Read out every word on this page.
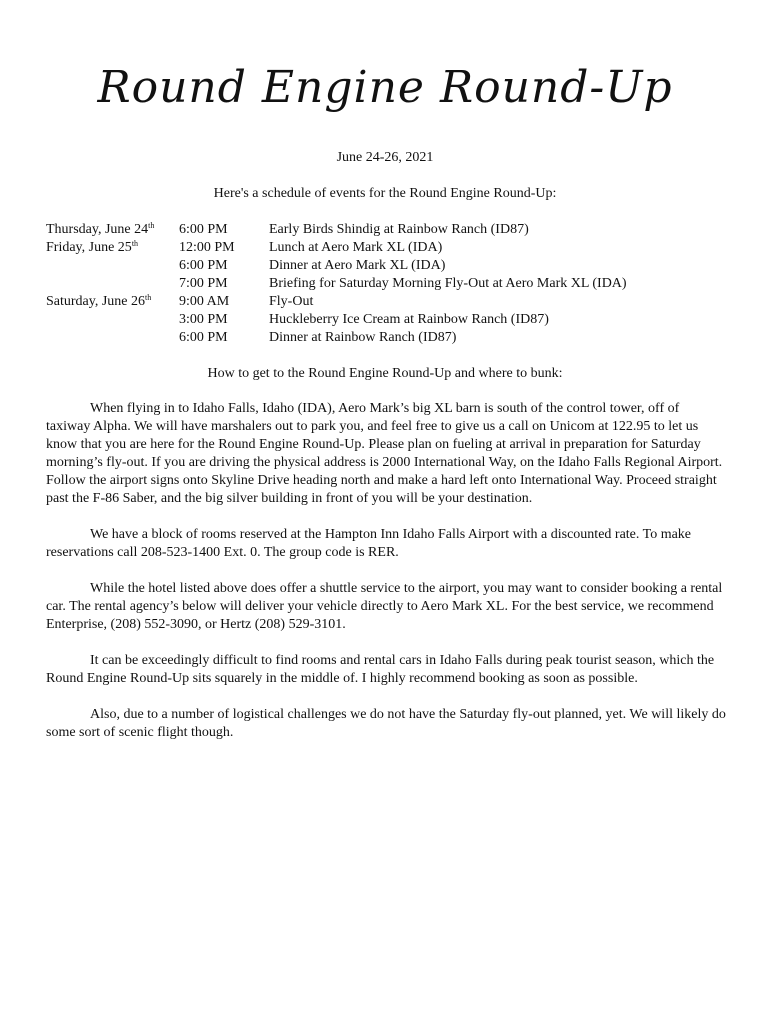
Round Engine Round-Up
June 24-26, 2021
Here's a schedule of events for the Round Engine Round-Up:
Thursday, June 24th 6:00 PM	Early Birds Shindig at Rainbow Ranch (ID87)
Friday, June 25th	12:00 PM Lunch at Aero Mark XL (IDA)
6:00 PM	Dinner at Aero Mark XL (IDA)
7:00 PM	Briefing for Saturday Morning Fly-Out at Aero Mark XL (IDA)
Saturday, June 26th 9:00 AM	Fly-Out
3:00 PM	Huckleberry Ice Cream at Rainbow Ranch (ID87)
6:00 PM	Dinner at Rainbow Ranch (ID87)
How to get to the Round Engine Round-Up and where to bunk:

When flying in to Idaho Falls, Idaho (IDA), Aero Mark’s big XL barn is south of the control tower, off of taxiway Alpha. We will have marshalers out to park you, and feel free to give us a call on Unicom at 122.95 to let us know that you are here for the Round Engine Round-Up. Please plan on fueling at arrival in preparation for Saturday morning’s fly-out. If you are driving the physical address is 2000 International Way, on the Idaho Falls Regional Airport. Follow the airport signs onto Skyline Drive heading north and make a hard left onto International Way. Proceed straight past the F-86 Saber, and the big silver building in front of you will be your destination.

We have a block of rooms reserved at the Hampton Inn Idaho Falls Airport with a discounted rate. To make reservations call 208-523-1400 Ext. 0. The group code is RER.

While the hotel listed above does offer a shuttle service to the airport, you may want to consider booking a rental car. The rental agency’s below will deliver your vehicle directly to Aero Mark XL. For the best service, we recommend Enterprise, (208) 552-3090, or Hertz (208) 529-3101.

It can be exceedingly difficult to find rooms and rental cars in Idaho Falls during peak tourist season, which the Round Engine Round-Up sits squarely in the middle of. I highly recommend booking as soon as possible.

Also, due to a number of logistical challenges we do not have the Saturday fly-out planned, yet. We will likely do some sort of scenic flight though.
